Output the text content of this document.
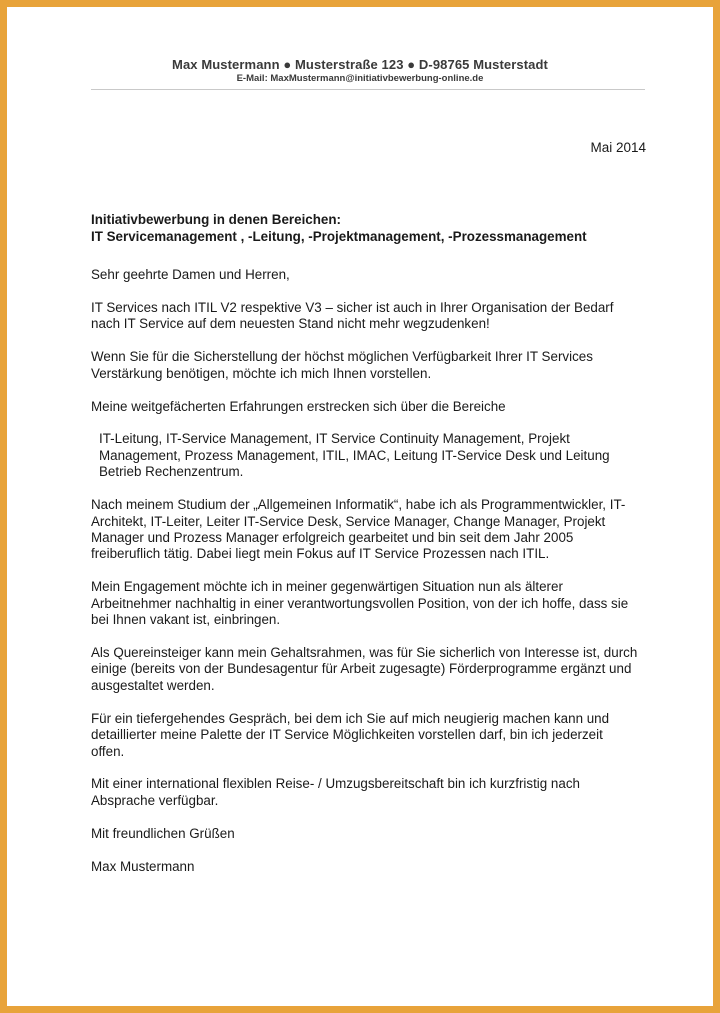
Max Mustermann ● Musterstraße 123 ● D-98765 Musterstadt
E-Mail: MaxMustermann@initiativbewerbung-online.de
Mai 2014
Initiativbewerbung in denen Bereichen:
IT Servicemanagement , -Leitung, -Projektmanagement, -Prozessmanagement

Sehr geehrte Damen und Herren,

IT Services nach ITIL V2 respektive V3 – sicher ist auch in Ihrer Organisation der Bedarf nach IT Service auf dem neuesten Stand nicht mehr wegzudenken!

Wenn Sie für die Sicherstellung der höchst möglichen Verfügbarkeit Ihrer IT Services Verstärkung benötigen, möchte ich mich Ihnen vorstellen.

Meine weitgefächerten Erfahrungen erstrecken sich über die Bereiche

IT-Leitung, IT-Service Management, IT Service Continuity Management, Projekt Management, Prozess Management, ITIL, IMAC, Leitung IT-Service Desk und Leitung Betrieb Rechenzentrum.

Nach meinem Studium der „Allgemeinen Informatik“, habe ich als Programmentwickler, IT-Architekt, IT-Leiter, Leiter IT-Service Desk, Service Manager, Change Manager, Projekt Manager und Prozess Manager erfolgreich gearbeitet und bin seit dem Jahr 2005 freiberuflich tätig. Dabei liegt mein Fokus auf IT Service Prozessen nach ITIL.

Mein Engagement möchte ich in meiner gegenwärtigen Situation nun als älterer Arbeitnehmer nachhaltig in einer verantwortungsvollen Position, von der ich hoffe, dass sie bei Ihnen vakant ist, einbringen.

Als Quereinsteiger kann mein Gehaltsrahmen, was für Sie sicherlich von Interesse ist, durch einige (bereits von der Bundesagentur für Arbeit zugesagte) Förderprogramme ergänzt und ausgestaltet werden.

Für ein tiefergehendes Gespräch, bei dem ich Sie auf mich neugierig machen kann und detaillierter meine Palette der IT Service Möglichkeiten vorstellen darf, bin ich jederzeit offen.

Mit einer international flexiblen Reise- / Umzugsbereitschaft bin ich kurzfristig nach Absprache verfügbar.

Mit freundlichen Grüßen

Max Mustermann
